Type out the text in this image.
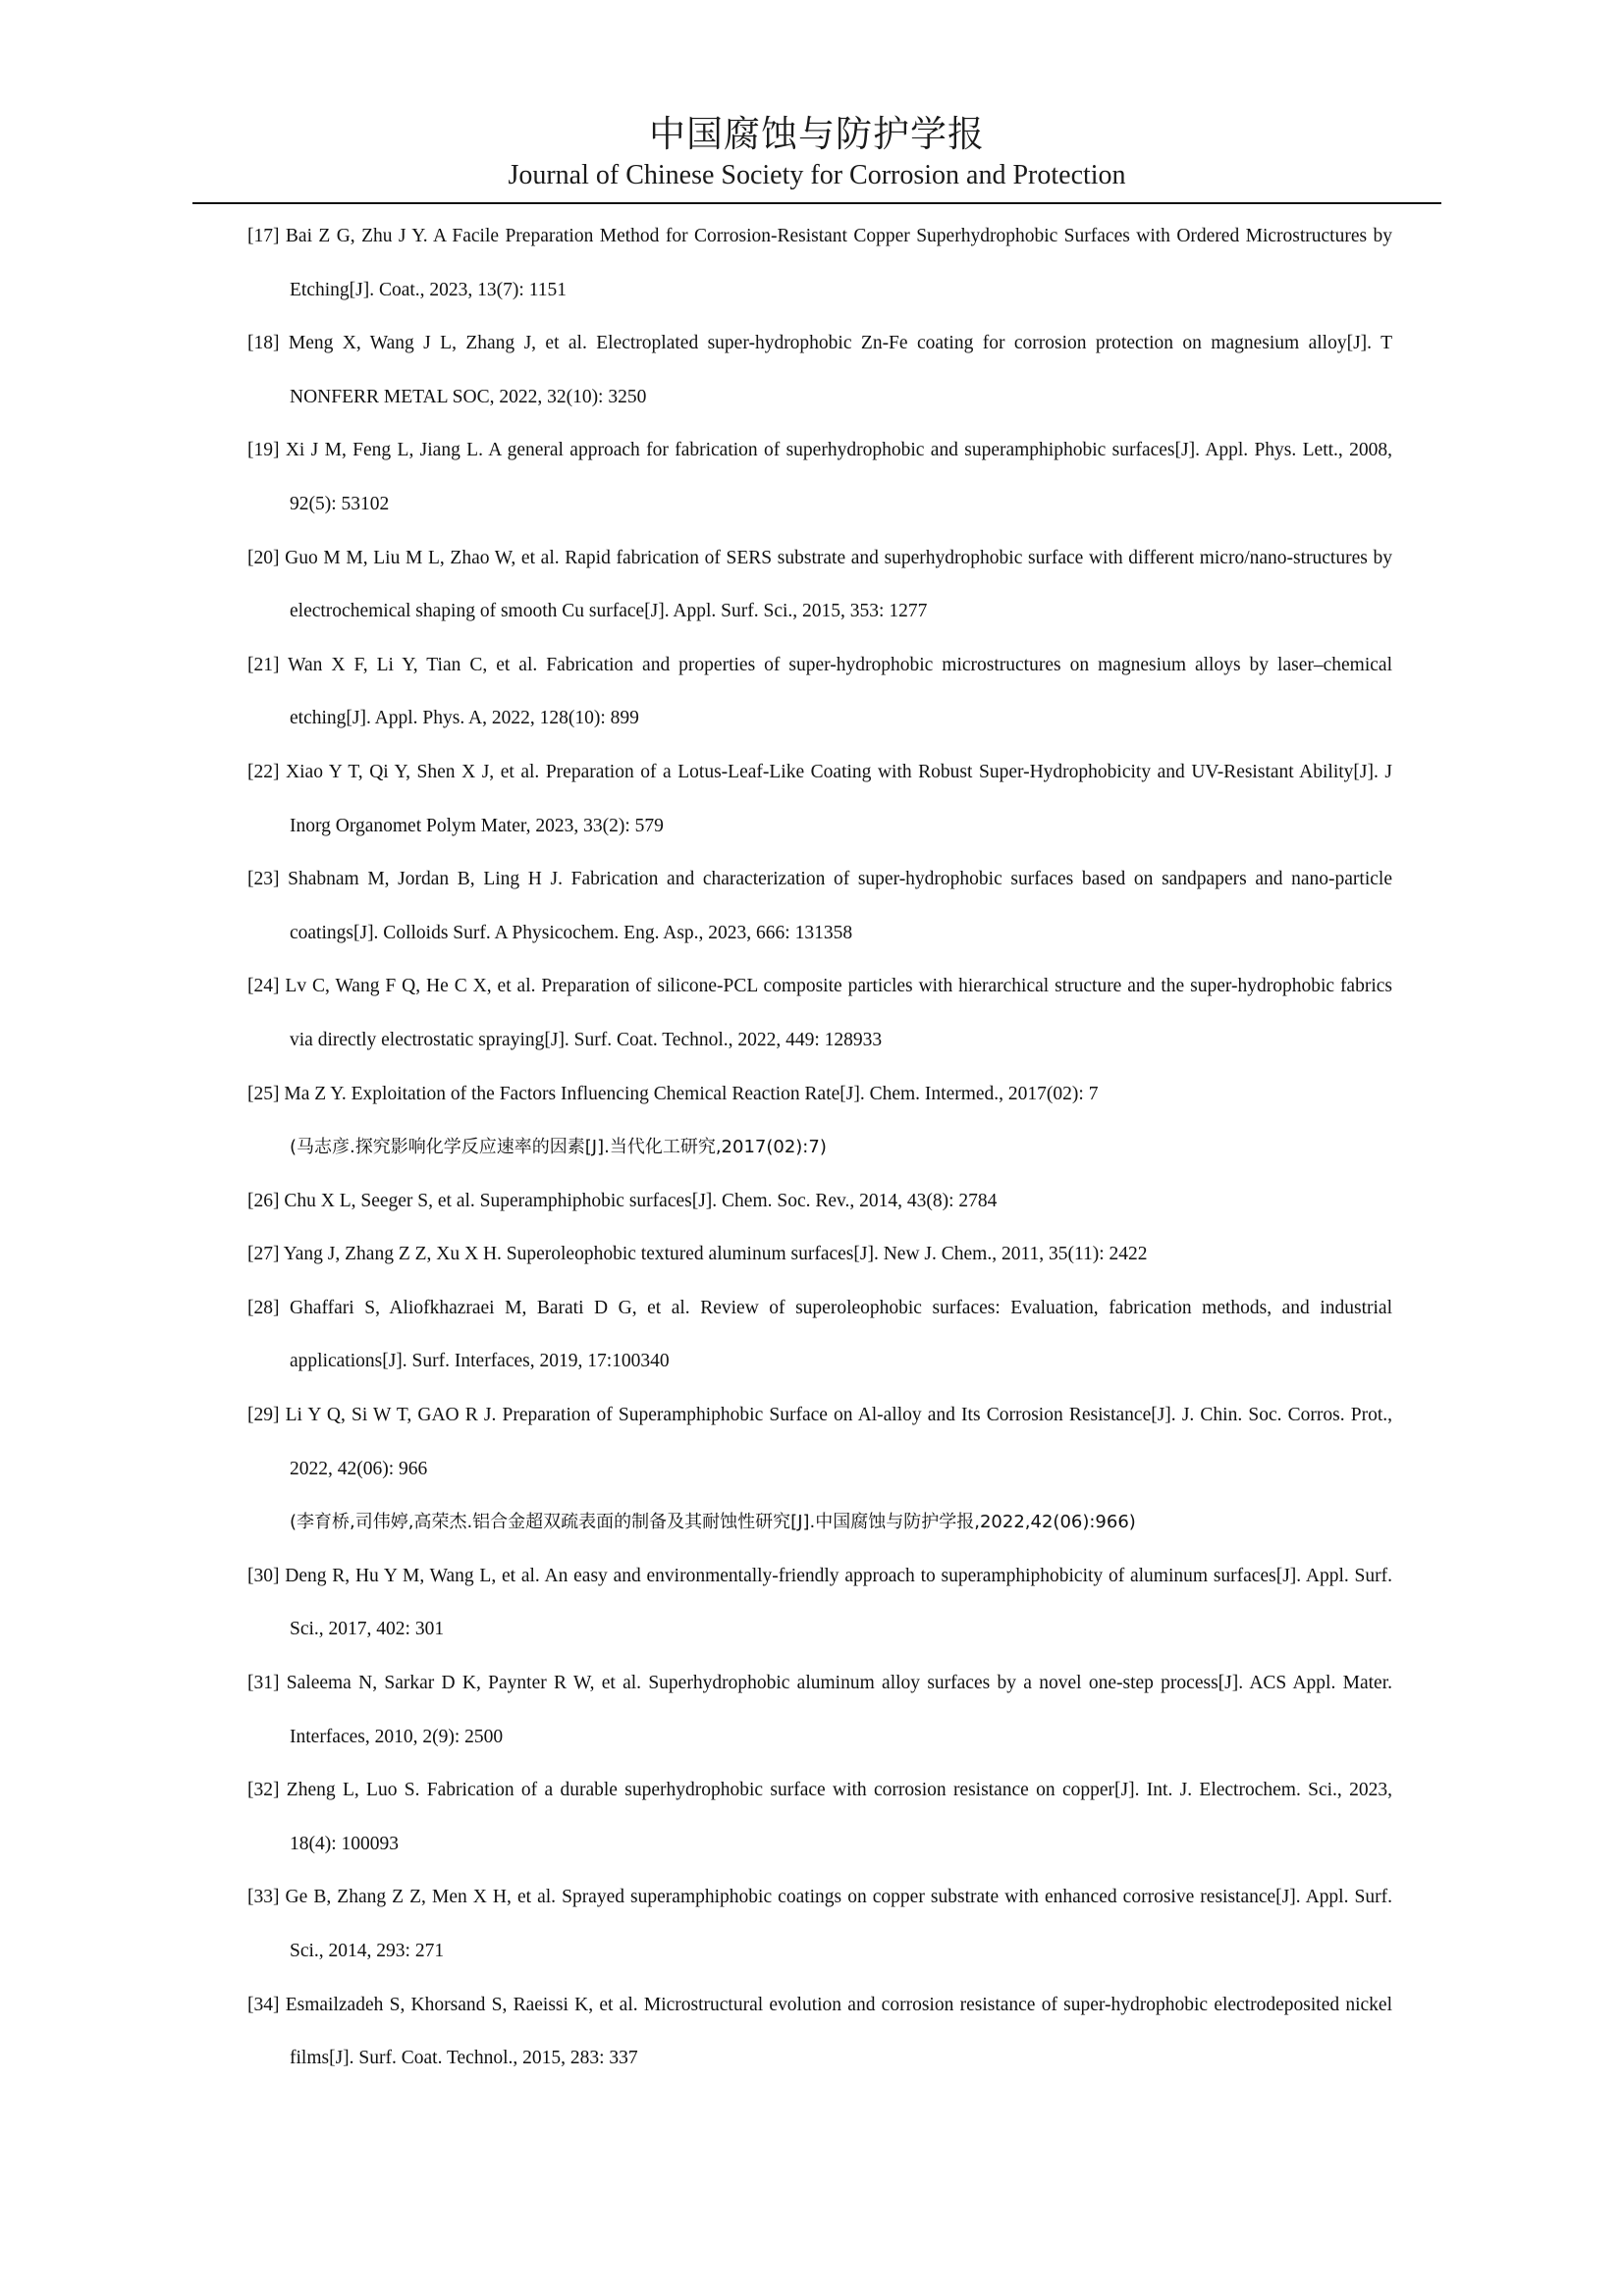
中国腐蚀与防护学报
Journal of Chinese Society for Corrosion and Protection
[17] Bai Z G, Zhu J Y. A Facile Preparation Method for Corrosion-Resistant Copper Superhydrophobic Surfaces with Ordered Microstructures by Etching[J]. Coat., 2023, 13(7): 1151
[18] Meng X, Wang J L, Zhang J, et al. Electroplated super-hydrophobic Zn-Fe coating for corrosion protection on magnesium alloy[J]. T NONFERR METAL SOC, 2022, 32(10): 3250
[19] Xi J M, Feng L, Jiang L. A general approach for fabrication of superhydrophobic and superamphiphobic surfaces[J]. Appl. Phys. Lett., 2008, 92(5): 53102
[20] Guo M M, Liu M L, Zhao W, et al. Rapid fabrication of SERS substrate and superhydrophobic surface with different micro/nano-structures by electrochemical shaping of smooth Cu surface[J]. Appl. Surf. Sci., 2015, 353: 1277
[21] Wan X F, Li Y, Tian C, et al. Fabrication and properties of super-hydrophobic microstructures on magnesium alloys by laser–chemical etching[J]. Appl. Phys. A, 2022, 128(10): 899
[22] Xiao Y T, Qi Y, Shen X J, et al. Preparation of a Lotus-Leaf-Like Coating with Robust Super-Hydrophobicity and UV-Resistant Ability[J]. J Inorg Organomet Polym Mater, 2023, 33(2): 579
[23] Shabnam M, Jordan B, Ling H J. Fabrication and characterization of super-hydrophobic surfaces based on sandpapers and nano-particle coatings[J]. Colloids Surf. A Physicochem. Eng. Asp., 2023, 666: 131358
[24] Lv C, Wang F Q, He C X, et al. Preparation of silicone-PCL composite particles with hierarchical structure and the super-hydrophobic fabrics via directly electrostatic spraying[J]. Surf. Coat. Technol., 2022, 449: 128933
[25] Ma Z Y. Exploitation of the Factors Influencing Chemical Reaction Rate[J]. Chem. Intermed., 2017(02): 7
(马志彦.探究影响化学反应速率的因素[J].当代化工研究,2017(02):7)
[26] Chu X L, Seeger S, et al. Superamphiphobic surfaces[J]. Chem. Soc. Rev., 2014, 43(8): 2784
[27] Yang J, Zhang Z Z, Xu X H. Superoleophobic textured aluminum surfaces[J]. New J. Chem., 2011, 35(11): 2422
[28] Ghaffari S, Aliofkhazraei M, Barati D G, et al. Review of superoleophobic surfaces: Evaluation, fabrication methods, and industrial applications[J]. Surf. Interfaces, 2019, 17:100340
[29] Li Y Q, Si W T, GAO R J. Preparation of Superamphiphobic Surface on Al-alloy and Its Corrosion Resistance[J]. J. Chin. Soc. Corros. Prot., 2022, 42(06): 966
(李育桥,司伟婷,高荣杰.铝合金超双疏表面的制备及其耐蚀性研究[J].中国腐蚀与防护学报,2022,42(06):966)
[30] Deng R, Hu Y M, Wang L, et al. An easy and environmentally-friendly approach to superamphiphobicity of aluminum surfaces[J]. Appl. Surf. Sci., 2017, 402: 301
[31] Saleema N, Sarkar D K, Paynter R W, et al. Superhydrophobic aluminum alloy surfaces by a novel one-step process[J]. ACS Appl. Mater. Interfaces, 2010, 2(9): 2500
[32] Zheng L, Luo S. Fabrication of a durable superhydrophobic surface with corrosion resistance on copper[J]. Int. J. Electrochem. Sci., 2023, 18(4): 100093
[33] Ge B, Zhang Z Z, Men X H, et al. Sprayed superamphiphobic coatings on copper substrate with enhanced corrosive resistance[J]. Appl. Surf. Sci., 2014, 293: 271
[34] Esmailzadeh S, Khorsand S, Raeissi K, et al. Microstructural evolution and corrosion resistance of super-hydrophobic electrodeposited nickel films[J]. Surf. Coat. Technol., 2015, 283: 337
